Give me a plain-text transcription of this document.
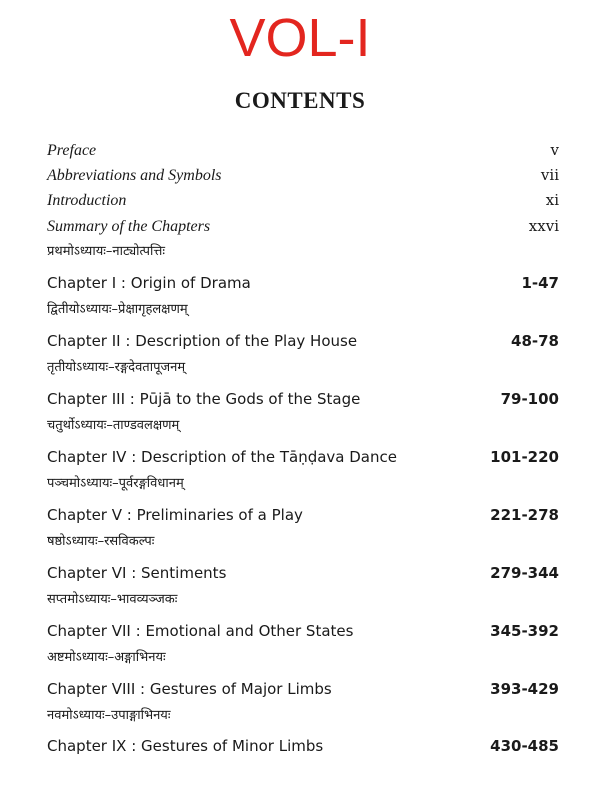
VOL-I
CONTENTS
Preface	v
Abbreviations and Symbols	vii
Introduction	xi
Summary of the Chapters	xxvi
प्रथमोऽध्यायः–नाट्योत्पत्तिः
Chapter I : Origin of Drama	1-47
द्वितीयोऽध्यायः–प्रेक्षागृहलक्षणम्
Chapter II : Description of the Play House	48-78
तृतीयोऽध्यायः–रङ्गदेवतापूजनम्
Chapter III : Pūjā to the Gods of the Stage	79-100
चतुर्थोऽध्यायः–ताण्डवलक्षणम्
Chapter IV : Description of the Tāṇḍava Dance	101-220
पञ्चमोऽध्यायः–पूर्वरङ्गविधानम्
Chapter V : Preliminaries of a Play	221-278
षष्ठोऽध्यायः–रसविकल्पः
Chapter VI : Sentiments	279-344
सप्तमोऽध्यायः–भावव्यञ्जकः
Chapter VII : Emotional and Other States	345-392
अष्टमोऽध्यायः–अङ्गाभिनयः
Chapter VIII : Gestures of Major Limbs	393-429
नवमोऽध्यायः–उपाङ्गाभिनयः
Chapter IX : Gestures of Minor Limbs	430-485
